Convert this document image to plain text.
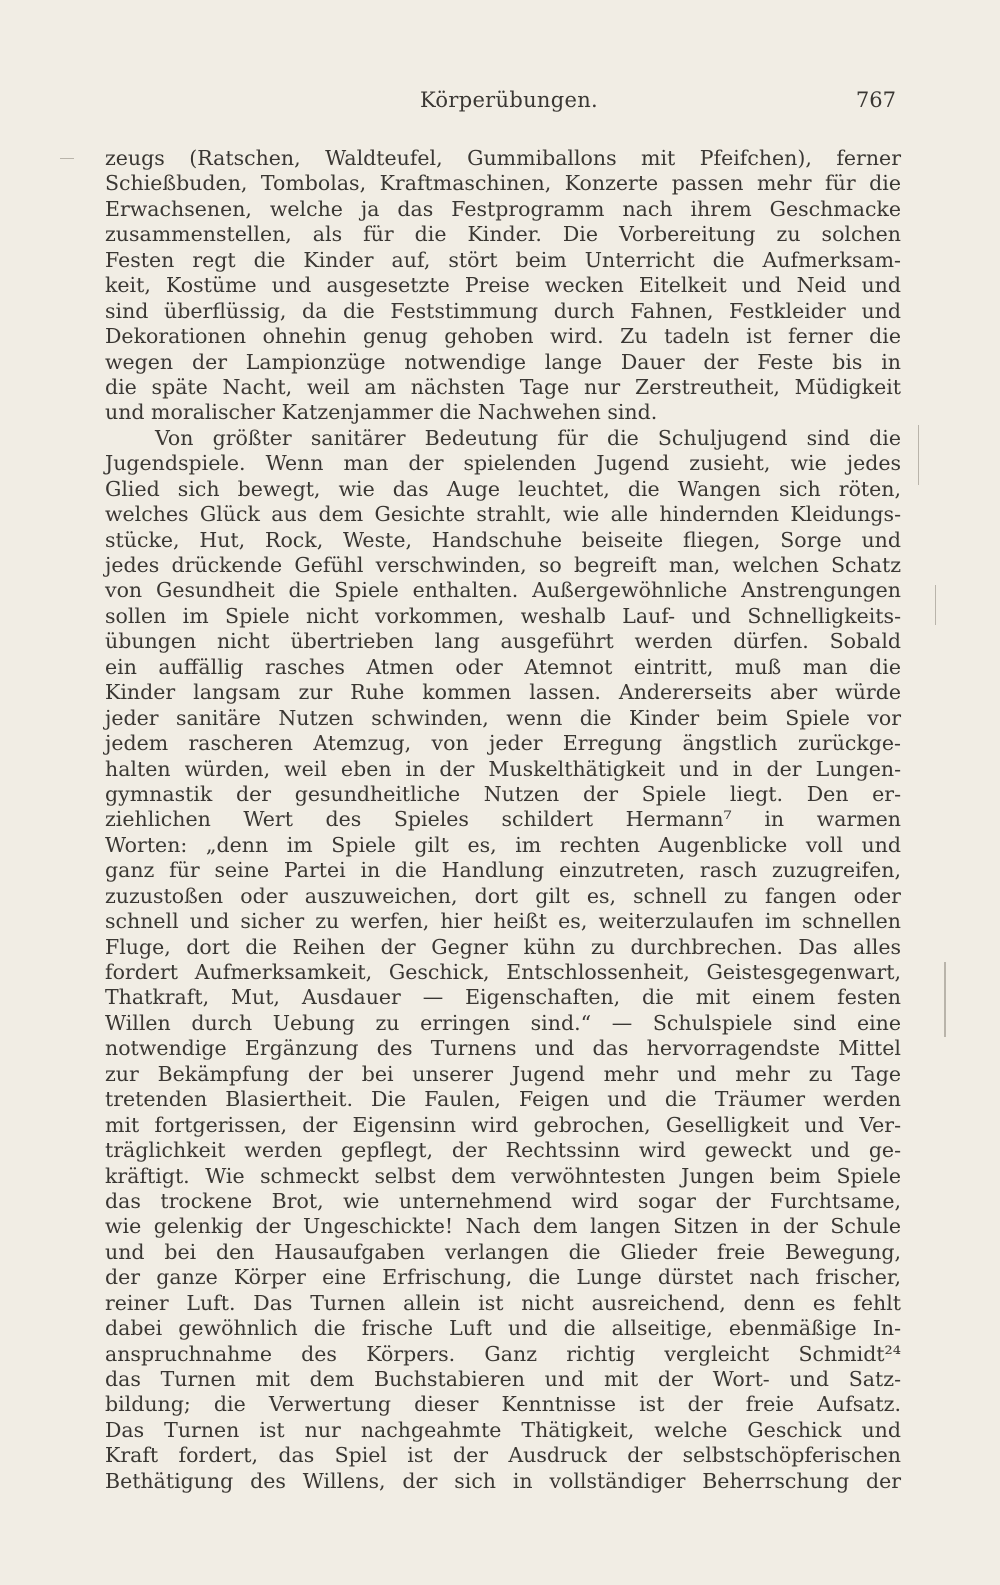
Körperübungen.	767
zeugs (Ratschen, Waldteufel, Gummiballons mit Pfeifchen), ferner
Schießbuden, Tombolas, Kraftmaschinen, Konzerte passen mehr für die
Erwachsenen, welche ja das Festprogramm nach ihrem Geschmacke
zusammenstellen, als für die Kinder. Die Vorbereitung zu solchen
Festen regt die Kinder auf, stört beim Unterricht die Aufmerksam-
keit, Kostüme und ausgesetzte Preise wecken Eitelkeit und Neid und
sind überflüssig, da die Feststimmung durch Fahnen, Festkleider und
Dekorationen ohnehin genug gehoben wird. Zu tadeln ist ferner die
wegen der Lampionzüge notwendige lange Dauer der Feste bis in
die späte Nacht, weil am nächsten Tage nur Zerstreutheit, Müdigkeit
und moralischer Katzenjammer die Nachwehen sind.
Von größter sanitärer Bedeutung für die Schuljugend sind die
Jugendspiele. Wenn man der spielenden Jugend zusieht, wie jedes
Glied sich bewegt, wie das Auge leuchtet, die Wangen sich röten,
welches Glück aus dem Gesichte strahlt, wie alle hindernden Kleidungs-
stücke, Hut, Rock, Weste, Handschuhe beiseite fliegen, Sorge und
jedes drückende Gefühl verschwinden, so begreift man, welchen Schatz
von Gesundheit die Spiele enthalten. Außergewöhnliche Anstrengungen
sollen im Spiele nicht vorkommen, weshalb Lauf- und Schnelligkeits-
übungen nicht übertrieben lang ausgeführt werden dürfen. Sobald
ein auffällig rasches Atmen oder Atemnot eintritt, muß man die
Kinder langsam zur Ruhe kommen lassen. Andererseits aber würde
jeder sanitäre Nutzen schwinden, wenn die Kinder beim Spiele vor
jedem rascheren Atemzug, von jeder Erregung ängstlich zurückge-
halten würden, weil eben in der Muskelthätigkeit und in der Lungen-
gymnastik der gesundheitliche Nutzen der Spiele liegt. Den er-
ziehlichen Wert des Spieles schildert Hermann⁷ in warmen
Worten: „denn im Spiele gilt es, im rechten Augenblicke voll und
ganz für seine Partei in die Handlung einzutreten, rasch zuzugreifen,
zuzustoßen oder auszuweichen, dort gilt es, schnell zu fangen oder
schnell und sicher zu werfen, hier heißt es, weiterzulaufen im schnellen
Fluge, dort die Reihen der Gegner kühn zu durchbrechen. Das alles
fordert Aufmerksamkeit, Geschick, Entschlossenheit, Geistesgegenwart,
Thatkraft, Mut, Ausdauer — Eigenschaften, die mit einem festen
Willen durch Uebung zu erringen sind.“ — Schulspiele sind eine
notwendige Ergänzung des Turnens und das hervorragendste Mittel
zur Bekämpfung der bei unserer Jugend mehr und mehr zu Tage
tretenden Blasiertheit. Die Faulen, Feigen und die Träumer werden
mit fortgerissen, der Eigensinn wird gebrochen, Geselligkeit und Ver-
träglichkeit werden gepflegt, der Rechtssinn wird geweckt und ge-
kräftigt. Wie schmeckt selbst dem verwöhntesten Jungen beim Spiele
das trockene Brot, wie unternehmend wird sogar der Furchtsame,
wie gelenkig der Ungeschickte! Nach dem langen Sitzen in der Schule
und bei den Hausaufgaben verlangen die Glieder freie Bewegung,
der ganze Körper eine Erfrischung, die Lunge dürstet nach frischer,
reiner Luft. Das Turnen allein ist nicht ausreichend, denn es fehlt
dabei gewöhnlich die frische Luft und die allseitige, ebenmäßige In-
anspruchnahme des Körpers. Ganz richtig vergleicht Schmidt²⁴
das Turnen mit dem Buchstabieren und mit der Wort- und Satz-
bildung; die Verwertung dieser Kenntnisse ist der freie Aufsatz.
Das Turnen ist nur nachgeahmte Thätigkeit, welche Geschick und
Kraft fordert, das Spiel ist der Ausdruck der selbstschöpferischen
Bethätigung des Willens, der sich in vollständiger Beherrschung der
